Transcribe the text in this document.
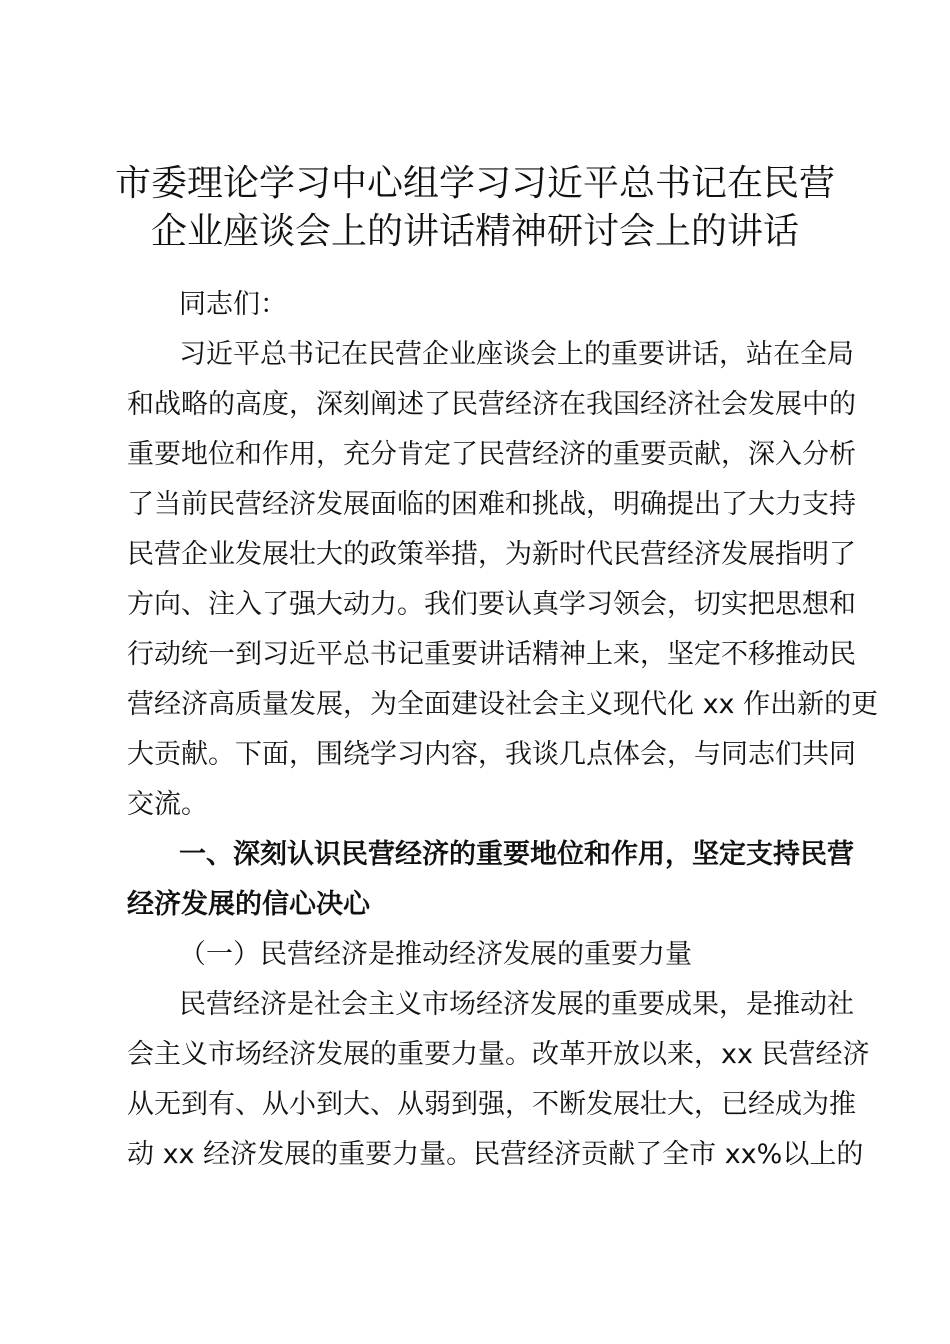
市委理论学习中心组学习习近平总书记在民营
企业座谈会上的讲话精神研讨会上的讲话
同志们：
习近平总书记在民营企业座谈会上的重要讲话，站在全局
和战略的高度，深刻阐述了民营经济在我国经济社会发展中的
重要地位和作用，充分肯定了民营经济的重要贡献，深入分析
了当前民营经济发展面临的困难和挑战，明确提出了大力支持
民营企业发展壮大的政策举措，为新时代民营经济发展指明了
方向、注入了强大动力。我们要认真学习领会，切实把思想和
行动统一到习近平总书记重要讲话精神上来，坚定不移推动民
营经济高质量发展，为全面建设社会主义现代化 xx 作出新的更
大贡献。下面，围绕学习内容，我谈几点体会，与同志们共同
交流。
一、深刻认识民营经济的重要地位和作用，坚定支持民营
经济发展的信心决心
（一）民营经济是推动经济发展的重要力量
民营经济是社会主义市场经济发展的重要成果，是推动社
会主义市场经济发展的重要力量。改革开放以来，xx 民营经济
从无到有、从小到大、从弱到强，不断发展壮大，已经成为推
动 xx 经济发展的重要力量。民营经济贡献了全市 xx%以上的
